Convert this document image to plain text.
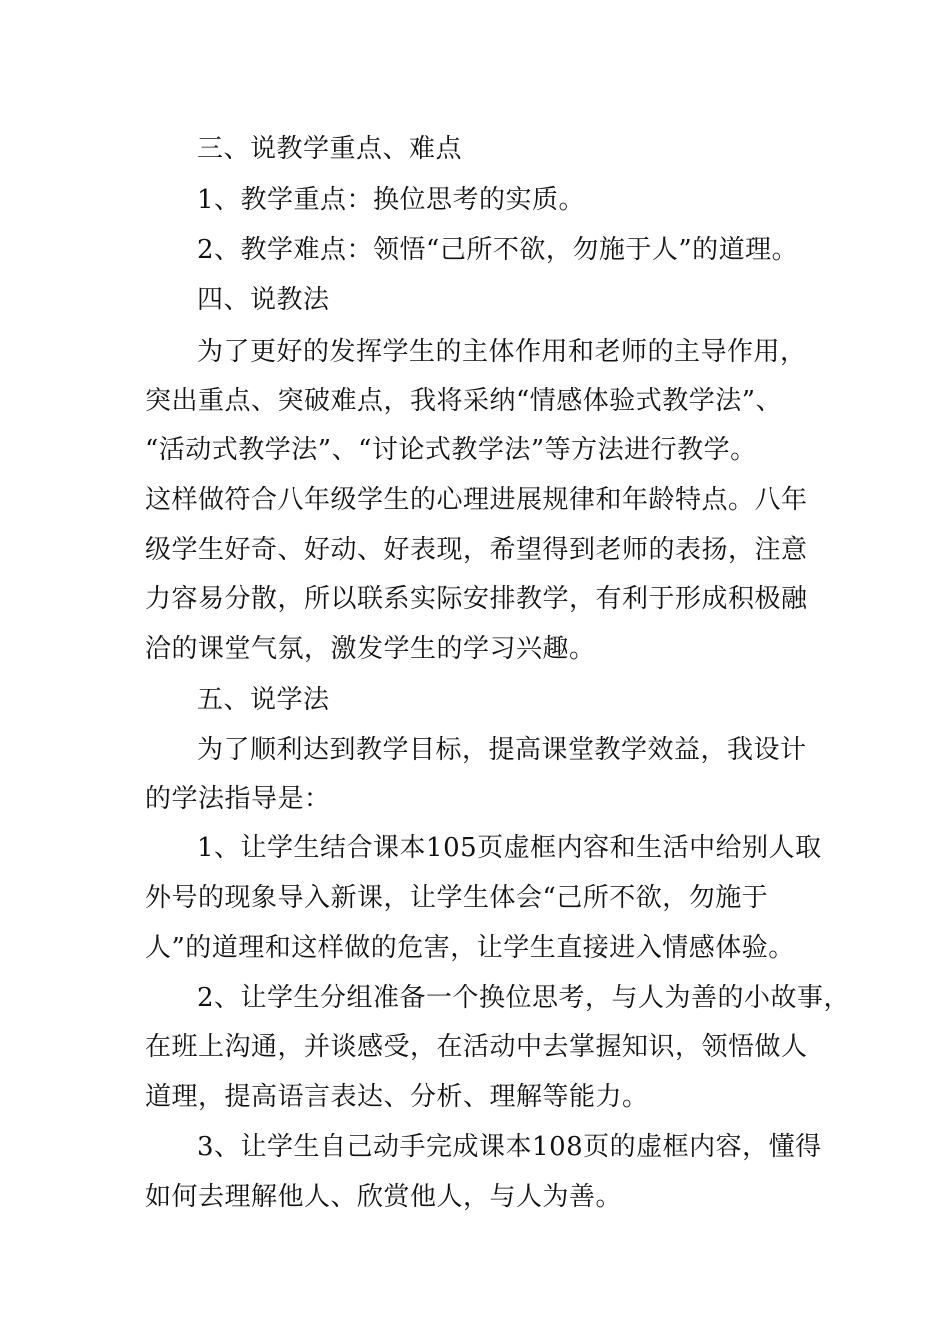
三、说教学重点、难点
1、教学重点：换位思考的实质。
2、教学难点：领悟“己所不欲，勿施于人”的道理。
四、说教法
为了更好的发挥学生的主体作用和老师的主导作用，
突出重点、突破难点，我将采纳“情感体验式教学法”、
“活动式教学法”、“讨论式教学法”等方法进行教学。
这样做符合八年级学生的心理进展规律和年龄特点。八年
级学生好奇、好动、好表现，希望得到老师的表扬，注意
力容易分散，所以联系实际安排教学，有利于形成积极融
洽的课堂气氛，激发学生的学习兴趣。
五、说学法
为了顺利达到教学目标，提高课堂教学效益，我设计
的学法指导是：
1、让学生结合课本105页虚框内容和生活中给别人取
外号的现象导入新课，让学生体会“己所不欲，勿施于
人”的道理和这样做的危害，让学生直接进入情感体验。
2、让学生分组准备一个换位思考，与人为善的小故事，
在班上沟通，并谈感受，在活动中去掌握知识，领悟做人
道理，提高语言表达、分析、理解等能力。
3、让学生自己动手完成课本108页的虚框内容，懂得
如何去理解他人、欣赏他人，与人为善。
